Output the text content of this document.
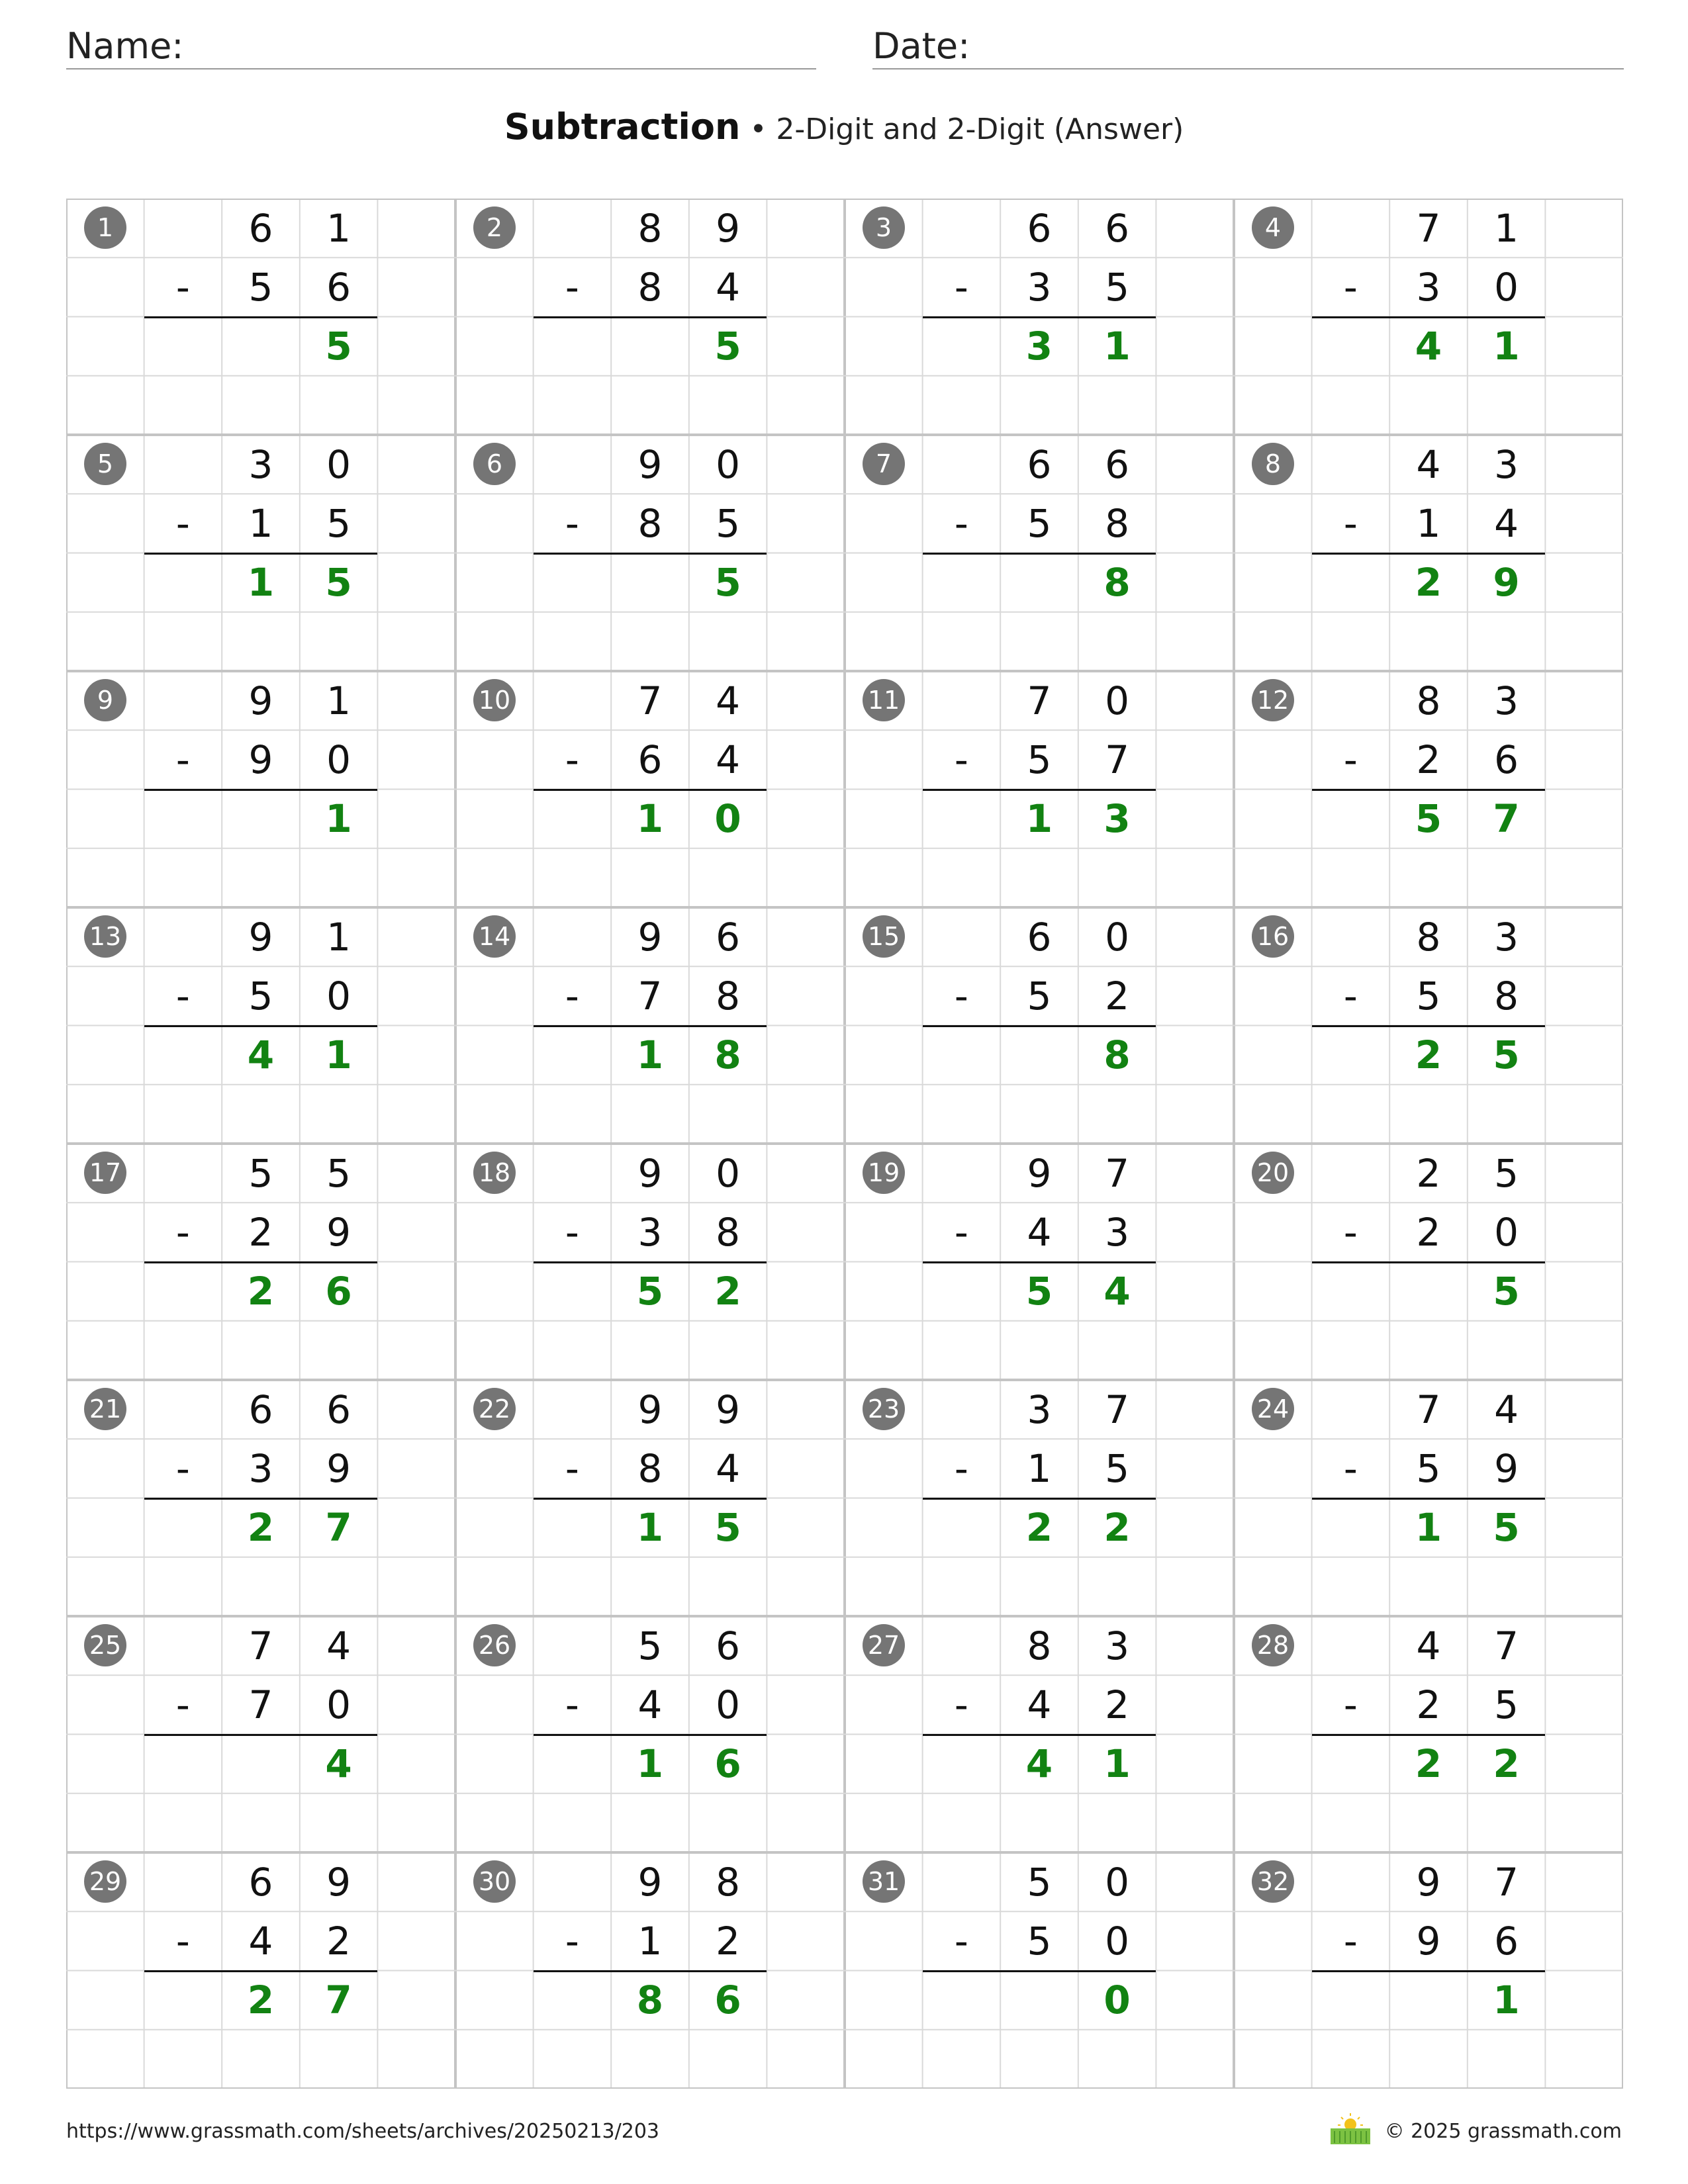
Name:	Date:
Subtraction • 2-Digit and 2-Digit (Answer)
1	6 1
- 5 6
5
2	8 9
- 8 4
5
3	6 6
- 3 5
3 1
4	7 1
- 3 0
4 1
5	3 0
- 1 5
1 5
6	9 0
- 8 5
5
7	6 6
- 5 8
8
8	4 3
- 1 4
2 9
9	9 1
- 9 0
1
10	7 4
- 6 4
1 0
11	7 0
- 5 7
1 3
12	8 3
- 2 6
5 7
13	9 1
- 5 0
4 1
14	9 6
- 7 8
1 8
15	6 0
- 5 2
8
16	8 3
- 5 8
2 5
17	5 5
- 2 9
2 6
18	9 0
- 3 8
5 2
19	9 7
- 4 3
5 4
20	2 5
- 2 0
5
21	6 6
- 3 9
2 7
22	9 9
- 8 4
1 5
23	3 7
- 1 5
2 2
24	7 4
- 5 9
1 5
25	7 4
- 7 0
4
26	5 6
- 4 0
1 6
27	8 3
- 4 2
4 1
28	4 7
- 2 5
2 2
29	6 9
- 4 2
2 7
30	9 8
- 1 2
8 6
31	5 0
- 5 0
0
32	9 7
- 9 6
1
https://www.grassmath.com/sheets/archives/20250213/203	© 2025 grassmath.com
